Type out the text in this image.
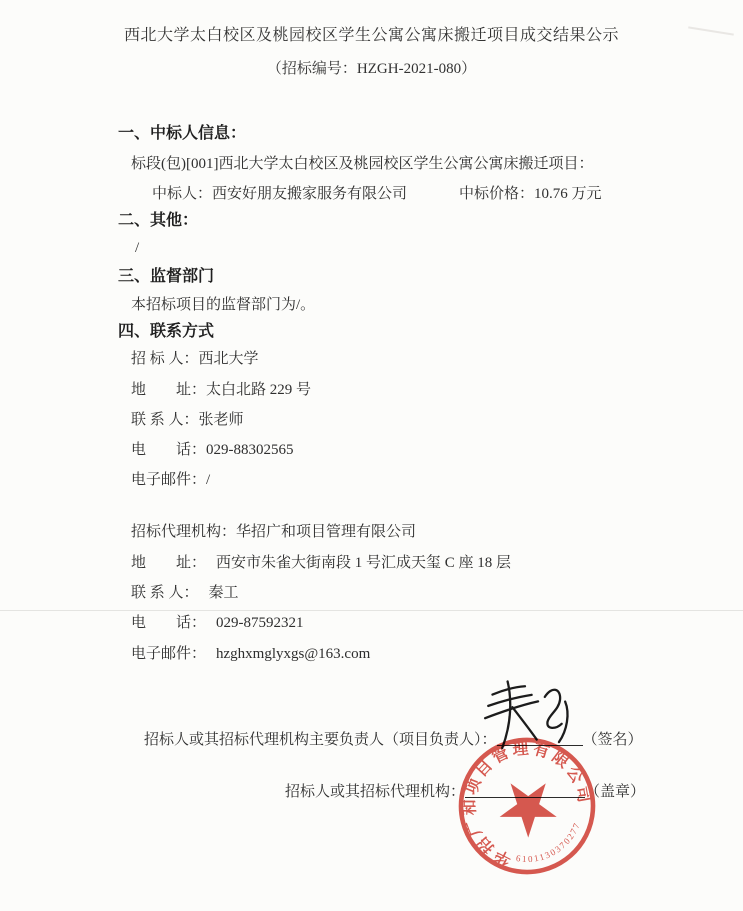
西北大学太白校区及桃园校区学生公寓公寓床搬迁项目成交结果公示
（招标编号：HZGH-2021-080）
一、中标人信息：
标段(包)[001]西北大学太白校区及桃园校区学生公寓公寓床搬迁项目：
中标人：西安好朋友搬家服务有限公司	中标价格：10.76 万元
二、其他：
/
三、监督部门
本招标项目的监督部门为/。
四、联系方式
招 标 人：西北大学
地　　址：太白北路 229 号
联 系 人：张老师
电　　话：029-88302565
电子邮件：/
招标代理机构：华招广和项目管理有限公司
地　　址： 西安市朱雀大街南段 1 号汇成天玺 C 座 18 层
联 系 人： 秦工
电　　话： 029-87592321
电子邮件： hzghxmglyxgs@163.com
招标人或其招标代理机构主要负责人（项目负责人）：	（签名）
招标人或其招标代理机构：	（盖章）
华招广和项目管理有限公司
6101130370277
